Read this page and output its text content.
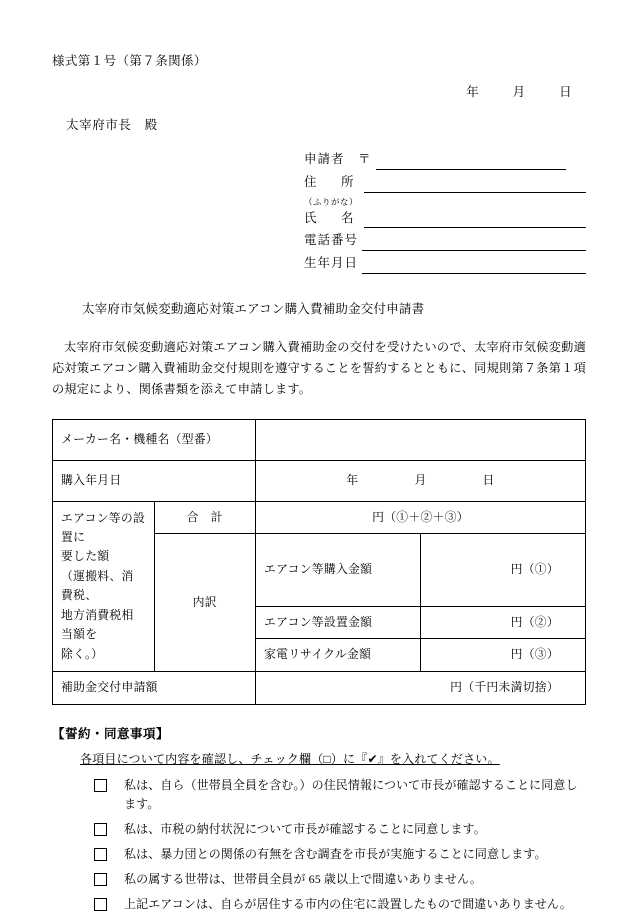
様式第１号（第７条関係）
年	月	日
太宰府市長　殿
申請者　〒
住　所
（ふりがな）
氏　名
電話番号
生年月日
太宰府市気候変動適応対策エアコン購入費補助金交付申請書
太宰府市気候変動適応対策エアコン購入費補助金の交付を受けたいので、太宰府市気候変動適応対策エアコン購入費補助金交付規則を遵守することを誓約するとともに、同規則第７条第１項の規定により、関係書類を添えて申請します。
メーカー名・機種名（型番）			
購入年月日		年 月 日	

エアコン等の設置に
要した額
（運搬料、消費税、
地方消費税相当額を
除く。）	合　計	円（①＋②＋③）	
	内訳	エアコン等購入金額	円（①）
		エアコン等設置金額	円（②）
		家電リサイクル金額	円（③）
補助金交付申請額		円（千円未満切捨）	
【誓約・同意事項】
各項目について内容を確認し、チェック欄（□）に『✔』を入れてください。
私は、自ら（世帯員全員を含む。）の住民情報について市長が確認することに同意します。
私は、市税の納付状況について市長が確認することに同意します。
私は、暴力団との関係の有無を含む調査を市長が実施することに同意します。
私の属する世帯は、世帯員全員が 65 歳以上で間違いありません。
上記エアコンは、自らが居住する市内の住宅に設置したもので間違いありません。
